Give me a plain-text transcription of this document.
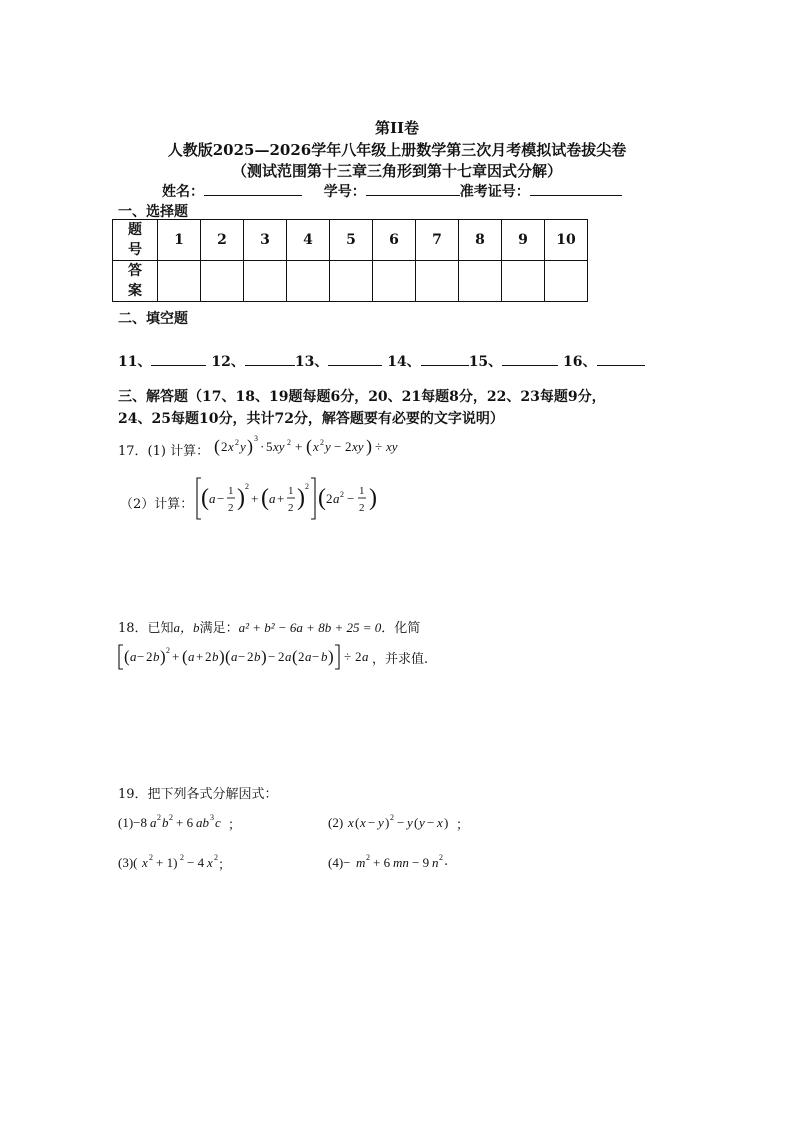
第II卷
人教版2025—2026学年八年级上册数学第三次月考模拟试卷拔尖卷
（测试范围第十三章三角形到第十七章因式分解）
姓名：	学号：	准考证号：
一、选择题
题
号	1	2	3	4	5	6	7	8	9	10

答
案										

二、填空题
11、	12、	13、	14、	15、	16、
三、解答题（17、18、19题每题6分，20、21每题8分，22、23每题9分，
24、25每题10分，共计72分，解答题要有必要的文字说明）
17．(1) 计算： ( 2 x 2 y ) 3
· 5 xy 2 + ( x 2 y − 2 xy ) ÷ xy
（2）计算： ( a − 1
2 ) 2
+ ( a + 1
2 ) 2 ( 2 a 2 − 1
2 )
18．已知a，b满足：a² + b² − 6a + 8b + 25 = 0．化简
( a − 2 b ) 2 + ( a + 2 b ) ( a − 2 b ) − 2 a ( 2 a − b ) ÷ 2 a ，并求值.
19．把下列各式分解因式：
(1)−8 a 2 b 2 + 6 ab 3 c ；	(2) x ( x − y ) 2 − y ( y − x ) ；
(3)( x 2 + 1) 2 − 4 x 2
；	(4)− m 2 + 6 mn − 9 n 2 .
